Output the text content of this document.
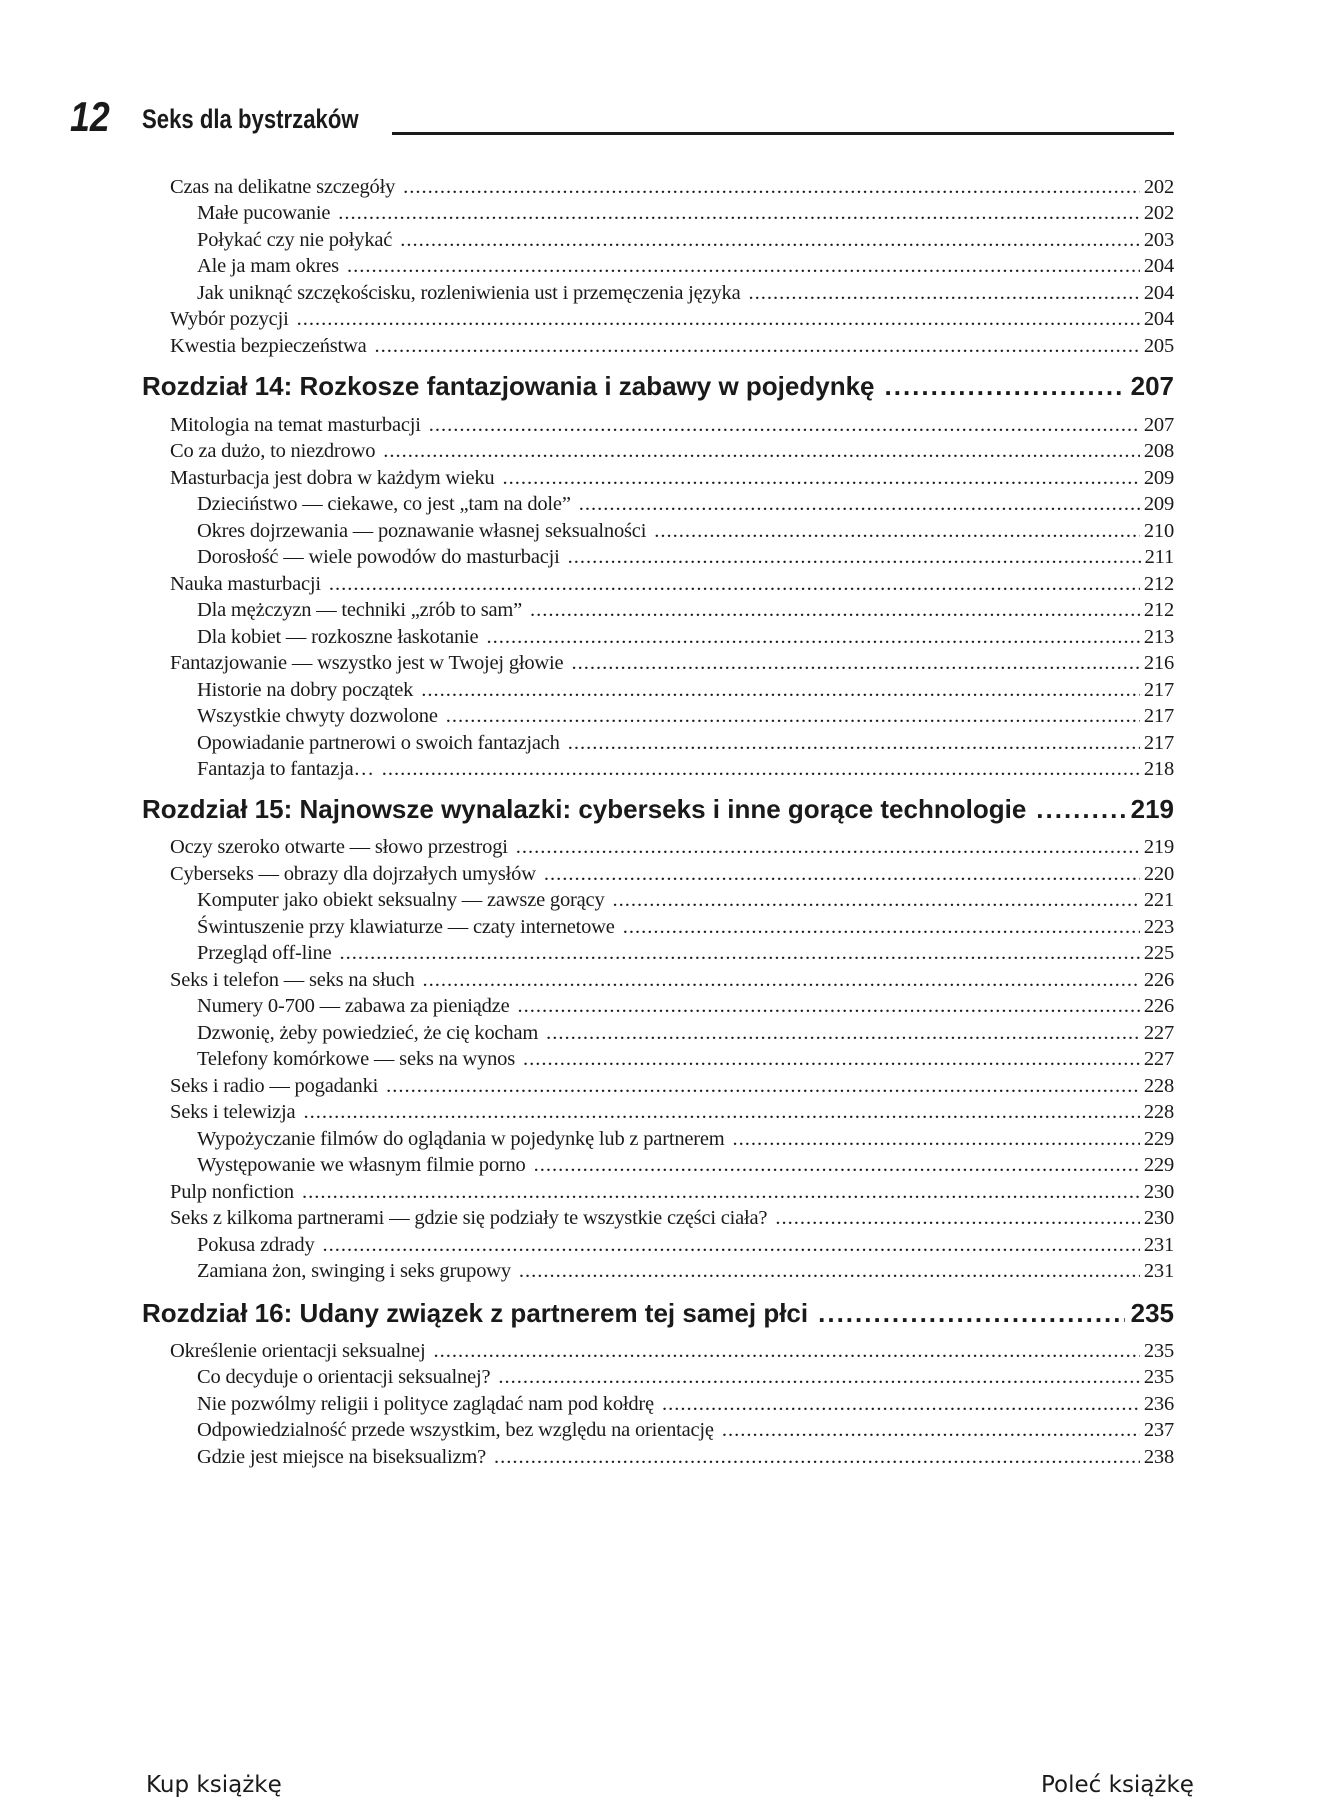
12 Seks dla bystrzaków
Czas na delikatne szczegóły .....	202
Małe pucowanie .....	202
Połykać czy nie połykać .....	203
Ale ja mam okres .....	204
Jak uniknąć szczękościsku, rozleniwienia ust i przemęczenia języka .....	204
Wybór pozycji .....	204
Kwestia bezpieczeństwa .....	205
Rozdział 14: Rozkosze fantazjowania i zabawy w pojedynkę .....	207
Mitologia na temat masturbacji .....	207
Co za dużo, to niezdrowo .....	208
Masturbacja jest dobra w każdym wieku .....	209
Dzieciństwo — ciekawe, co jest „tam na dole” .....	209
Okres dojrzewania — poznawanie własnej seksualności .....	210
Dorosłość — wiele powodów do masturbacji .....	211
Nauka masturbacji .....	212
Dla mężczyzn — techniki „zrób to sam” .....	212
Dla kobiet — rozkoszne łaskotanie .....	213
Fantazjowanie — wszystko jest w Twojej głowie .....	216
Historie na dobry początek .....	217
Wszystkie chwyty dozwolone .....	217
Opowiadanie partnerowi o swoich fantazjach .....	217
Fantazja to fantazja… .....	218
Rozdział 15: Najnowsze wynalazki: cyberseks i inne gorące technologie .....	219
Oczy szeroko otwarte — słowo przestrogi .....	219
Cyberseks — obrazy dla dojrzałych umysłów .....	220
Komputer jako obiekt seksualny — zawsze gorący .....	221
Świntuszenie przy klawiaturze — czaty internetowe .....	223
Przegląd off-line .....	225
Seks i telefon — seks na słuch .....	226
Numery 0-700 — zabawa za pieniądze .....	226
Dzwonię, żeby powiedzieć, że cię kocham .....	227
Telefony komórkowe — seks na wynos .....	227
Seks i radio — pogadanki .....	228
Seks i telewizja .....	228
Wypożyczanie filmów do oglądania w pojedynkę lub z partnerem .....	229
Występowanie we własnym filmie porno .....	229
Pulp nonfiction .....	230
Seks z kilkoma partnerami — gdzie się podziały te wszystkie części ciała? .....	230
Pokusa zdrady .....	231
Zamiana żon, swinging i seks grupowy .....	231
Rozdział 16: Udany związek z partnerem tej samej płci .....	235
Określenie orientacji seksualnej .....	235
Co decyduje o orientacji seksualnej? .....	235
Nie pozwólmy religii i polityce zaglądać nam pod kołdrę .....	236
Odpowiedzialność przede wszystkim, bez względu na orientację .....	237
Gdzie jest miejsce na biseksualizm? .....	238
Kup książkę	Poleć książkę
